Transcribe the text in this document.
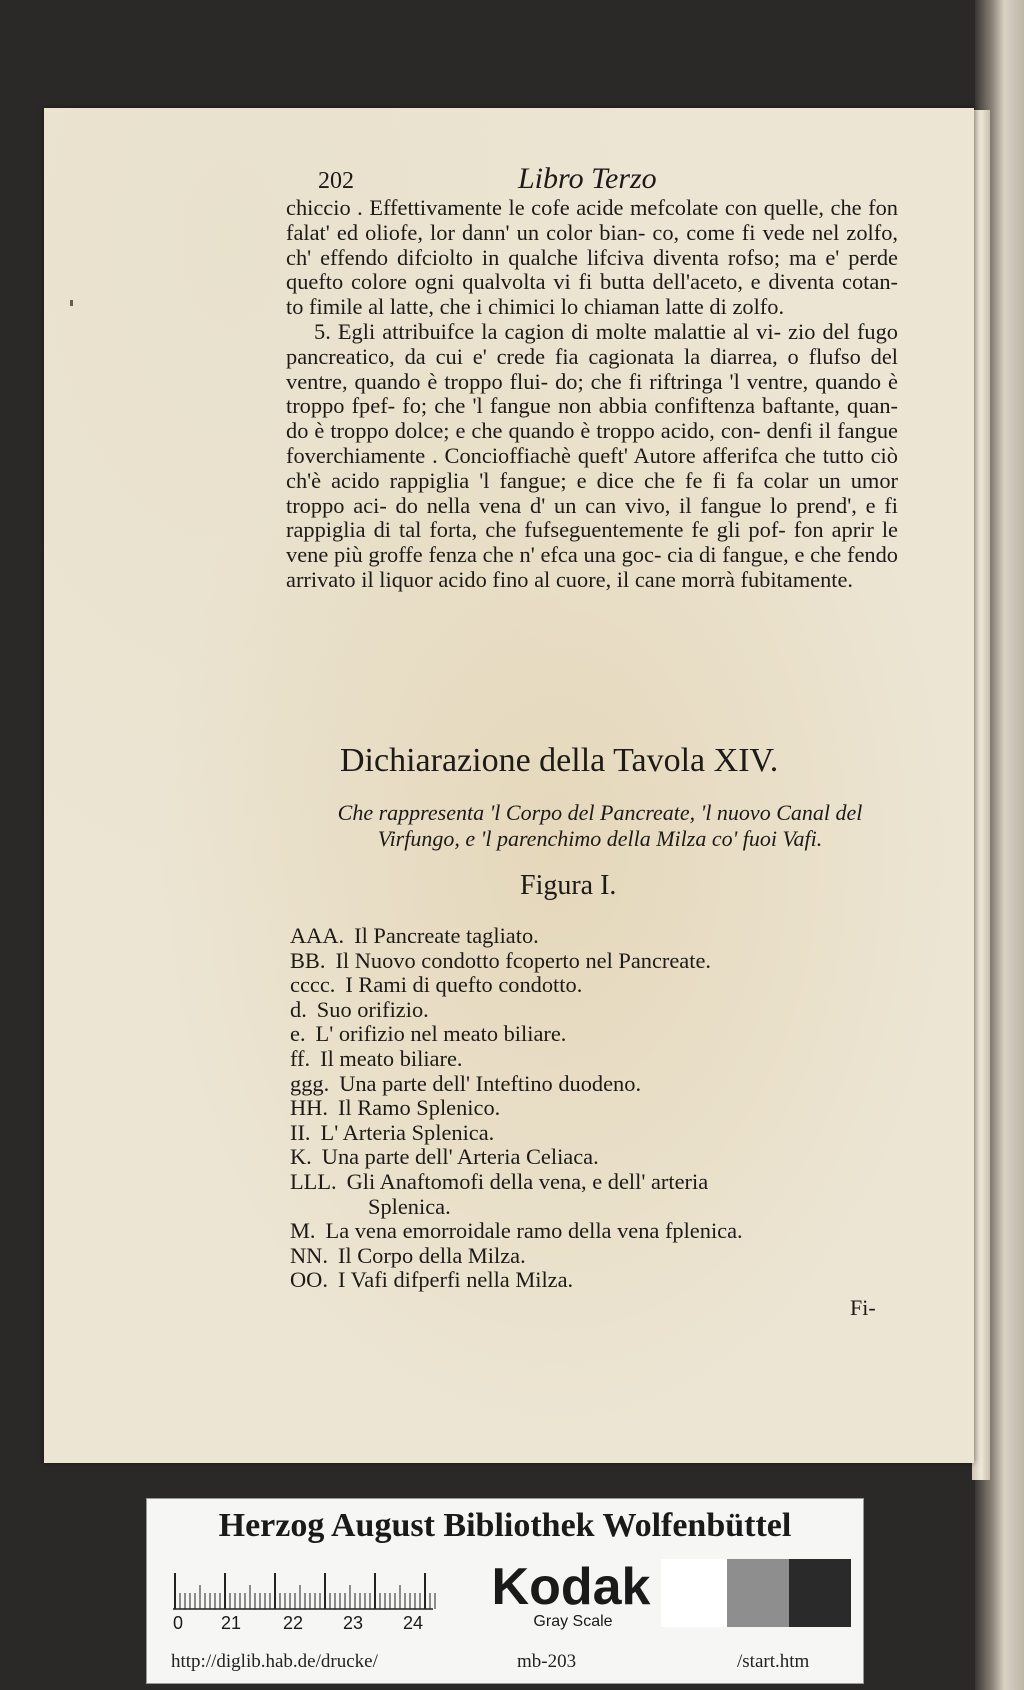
202	Libro Terzo

chiccio . Effettivamente le cofe acide mefcolate con quelle, che fon falat' ed oliofe, lor dann' un color bian- co, come fi vede nel zolfo, ch' effendo difciolto in qualche lifciva diventa rofso; ma e' perde quefto colore ogni qualvolta vi fi butta dell'aceto, e diventa cotan- to fimile al latte, che i chimici lo chiaman latte di zolfo.

5. Egli attribuifce la cagion di molte malattie al vi- zio del fugo pancreatico, da cui e' crede fia cagionata la diarrea, o flufso del ventre, quando è troppo flui- do; che fi riftringa 'l ventre, quando è troppo fpef- fo; che 'l fangue non abbia confiftenza baftante, quan- do è troppo dolce; e che quando è troppo acido, con- denfi il fangue foverchiamente . Concioffiachè queft' Autore afferifca che tutto ciò ch'è acido rappiglia 'l fangue; e dice che fe fi fa colar un umor troppo aci- do nella vena d' un can vivo, il fangue lo prend', e fi rappiglia di tal forta, che fufseguentemente fe gli pof- fon aprir le vene più groffe fenza che n' efca una goc- cia di fangue, e che fendo arrivato il liquor acido fino al cuore, il cane morrà fubitamente.

Dichiarazione della Tavola XIV.
Che rappresenta 'l Corpo del Pancreate, 'l nuovo Canal del
Virfungo, e 'l parenchimo della Milza co' fuoi Vafi.
Figura I.
AAA. Il Pancreate tagliato.
BB. Il Nuovo condotto fcoperto nel Pancreate.
cccc. I Rami di quefto condotto.
d. Suo orifizio.
e. L' orifizio nel meato biliare.
ff. Il meato biliare.
ggg. Una parte dell' Inteftino duodeno.
HH. Il Ramo Splenico.
II. L' Arteria Splenica.
K. Una parte dell' Arteria Celiaca.
LLL. Gli Anaftomofi della vena, e dell' arteria
Splenica.
M. La vena emorroidale ramo della vena fplenica.
NN. Il Corpo della Milza.
OO. I Vafi difperfi nella Milza.
Fi-
Herzog August Bibliothek Wolfenbüttel
0 21 22 23 24
Kodak
Gray Scale
http://diglib.hab.de/drucke/	mb-203	/start.htm
